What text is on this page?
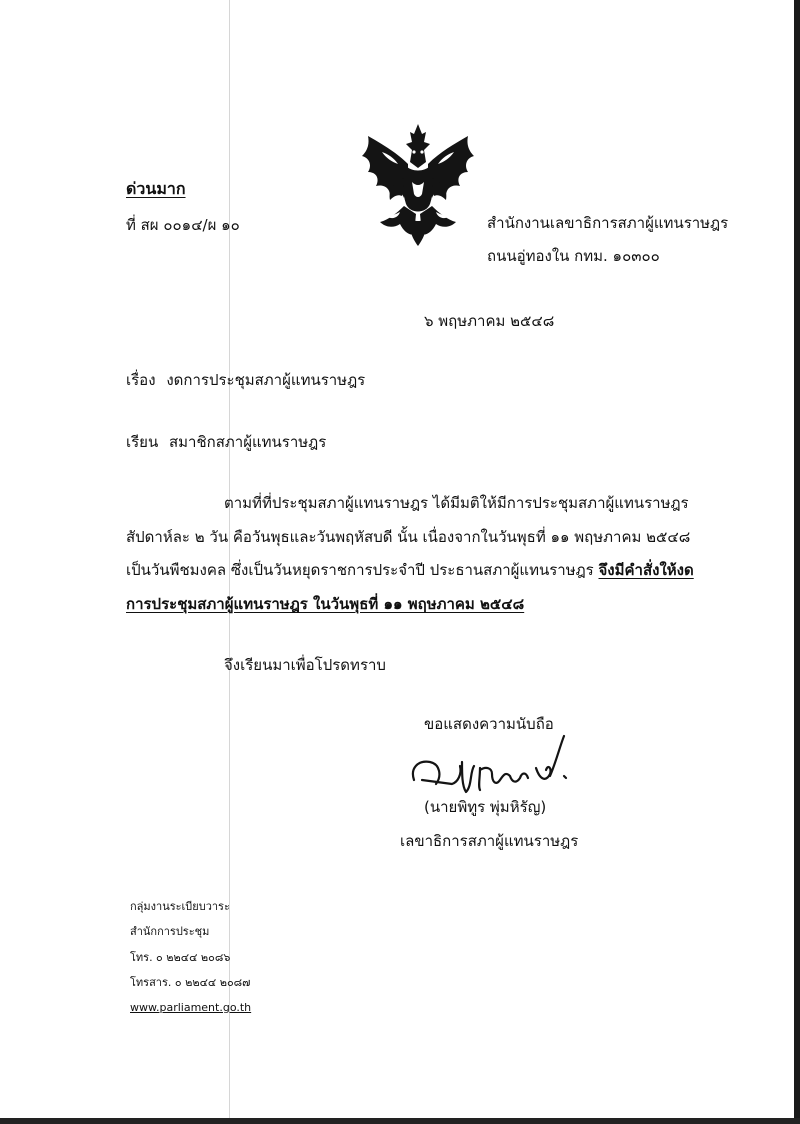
ด่วนมาก
ที่ สผ ๐๐๑๔/ผ ๑๐	สำนักงานเลขาธิการสภาผู้แทนราษฎร
ถนนอู่ทองใน กทม. ๑๐๓๐๐
๖ พฤษภาคม ๒๕๔๘
เรื่อง งดการประชุมสภาผู้แทนราษฎร
เรียน สมาชิกสภาผู้แทนราษฎร
ตามที่ที่ประชุมสภาผู้แทนราษฎร ได้มีมติให้มีการประชุมสภาผู้แทนราษฎร
สัปดาห์ละ ๒ วัน คือวันพุธและวันพฤหัสบดี นั้น เนื่องจากในวันพุธที่ ๑๑ พฤษภาคม ๒๕๔๘
เป็นวันพืชมงคล ซึ่งเป็นวันหยุดราชการประจำปี ประธานสภาผู้แทนราษฎร จึงมีคำสั่งให้งด
การประชุมสภาผู้แทนราษฎร ในวันพุธที่ ๑๑ พฤษภาคม ๒๕๔๘
จึงเรียนมาเพื่อโปรดทราบ
ขอแสดงความนับถือ
(นายพิทูร พุ่มหิรัญ)
เลขาธิการสภาผู้แทนราษฎร
กลุ่มงานระเบียบวาระ
สำนักการประชุม
โทร. ๐ ๒๒๔๔ ๒๐๘๖
โทรสาร. ๐ ๒๒๔๔ ๒๐๘๗
www.parliament.go.th
